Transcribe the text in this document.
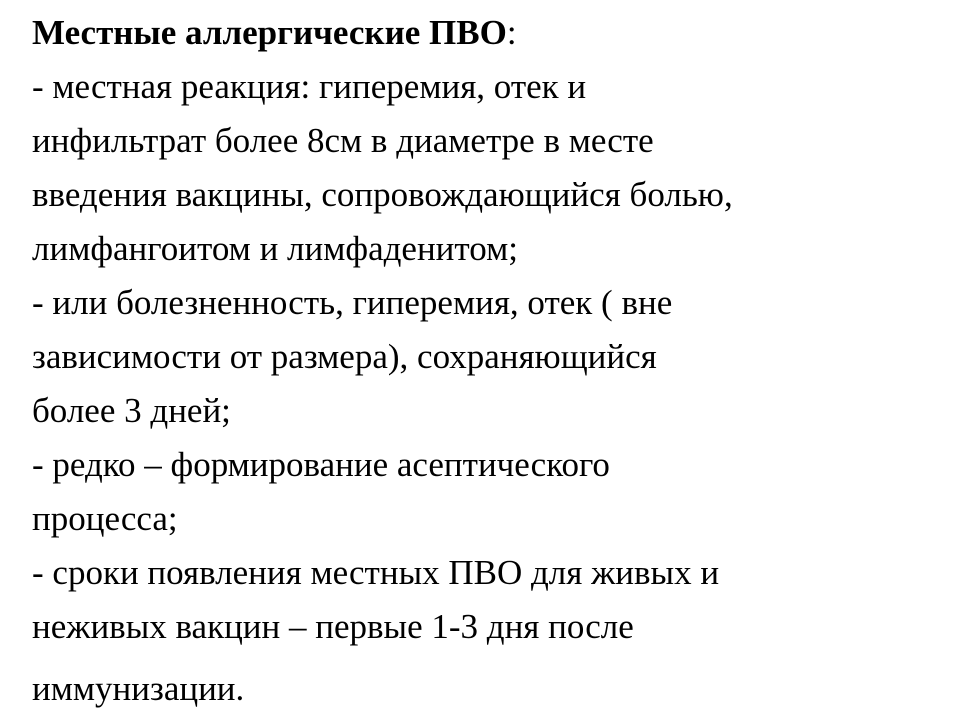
Местные аллергические ПВО:
- местная реакция: гиперемия, отек и
инфильтрат более 8см в диаметре в месте
введения вакцины, сопровождающийся болью,
лимфангоитом и лимфаденитом;
- или болезненность, гиперемия, отек ( вне
зависимости от размера), сохраняющийся
более 3 дней;
- редко – формирование асептического
процесса;
- сроки появления местных ПВО для живых и
неживых вакцин – первые 1-3 дня после
иммунизации.
